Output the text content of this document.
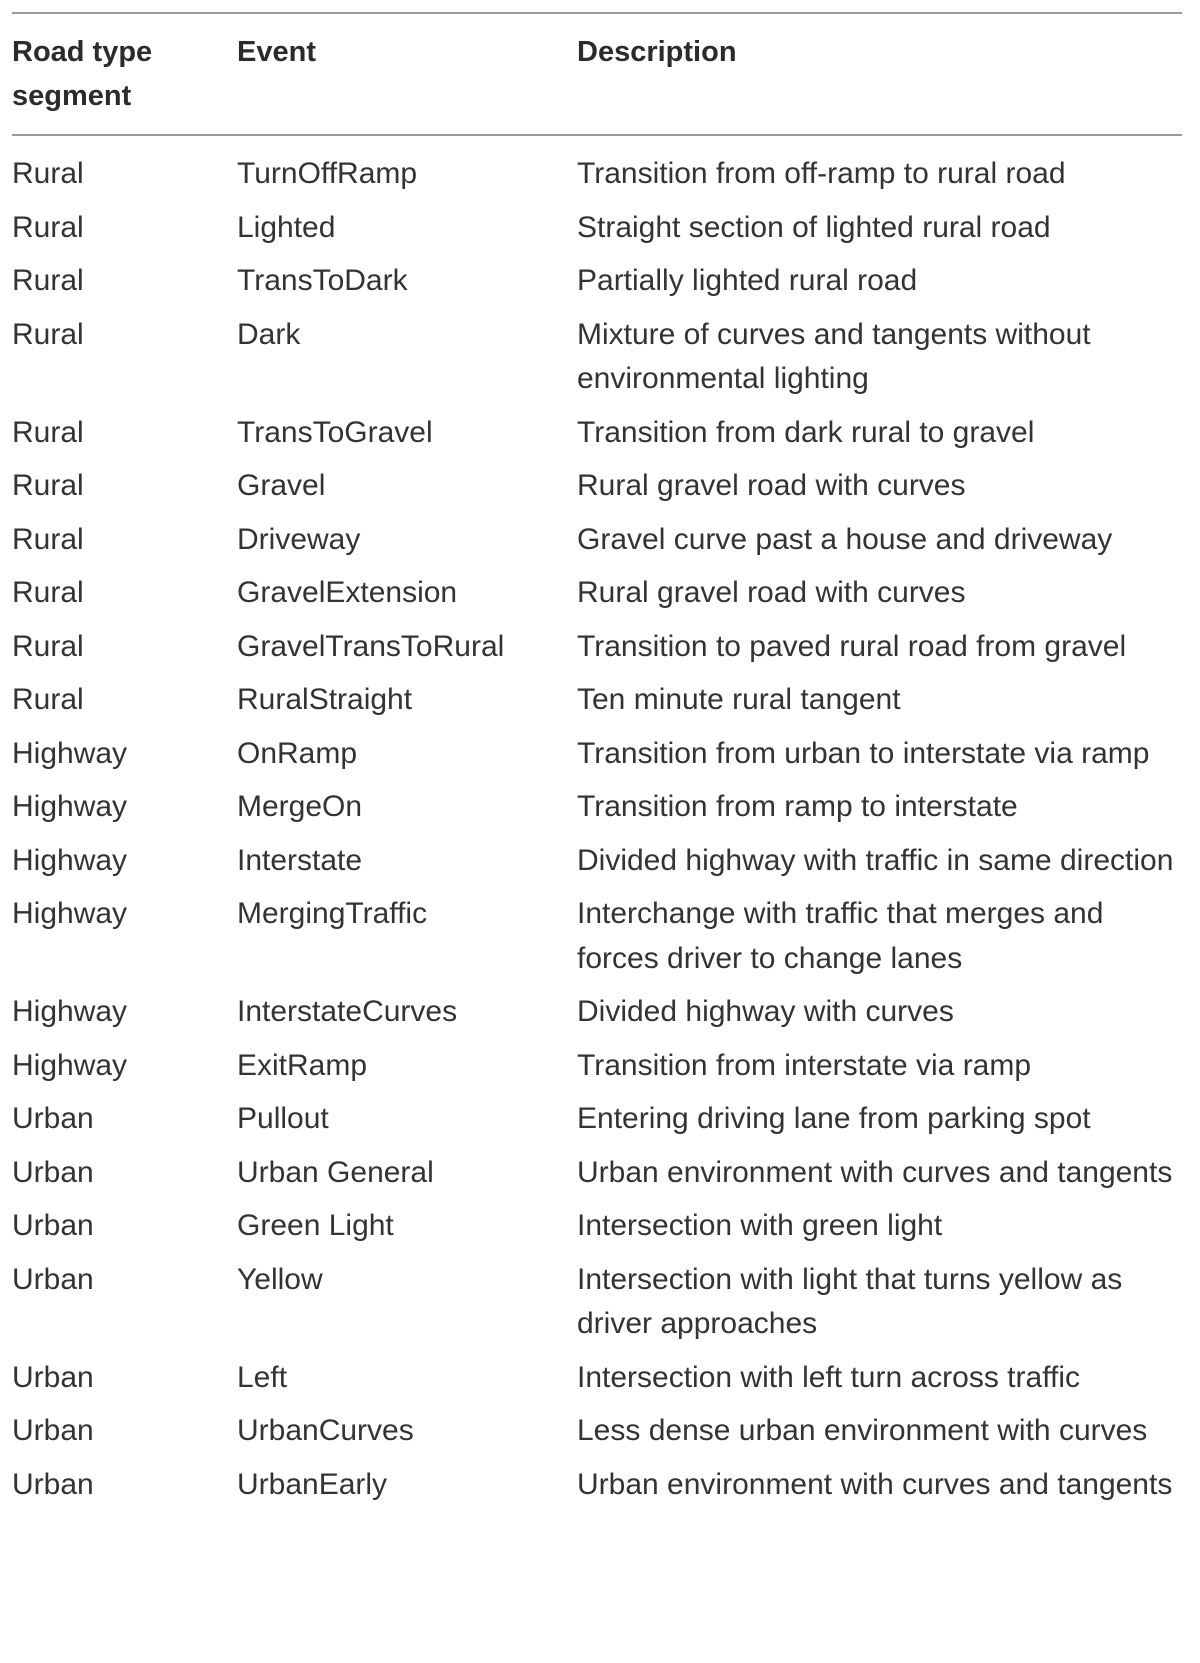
Road type segment	Event	Description
Rural	TurnOffRamp	Transition from off-ramp to rural road
Rural	Lighted	Straight section of lighted rural road
Rural	TransToDark	Partially lighted rural road
Rural	Dark	Mixture of curves and tangents without environmental lighting
Rural	TransToGravel	Transition from dark rural to gravel
Rural	Gravel	Rural gravel road with curves
Rural	Driveway	Gravel curve past a house and driveway
Rural	GravelExtension	Rural gravel road with curves
Rural	GravelTransToRural	Transition to paved rural road from gravel
Rural	RuralStraight	Ten minute rural tangent
Highway	OnRamp	Transition from urban to interstate via ramp
Highway	MergeOn	Transition from ramp to interstate
Highway	Interstate	Divided highway with traffic in same direction
Highway	MergingTraffic	Interchange with traffic that merges and forces driver to change lanes
Highway	InterstateCurves	Divided highway with curves
Highway	ExitRamp	Transition from interstate via ramp
Urban	Pullout	Entering driving lane from parking spot
Urban	Urban General	Urban environment with curves and tangents
Urban	Green Light	Intersection with green light
Urban	Yellow	Intersection with light that turns yellow as driver approaches
Urban	Left	Intersection with left turn across traffic
Urban	UrbanCurves	Less dense urban environment with curves
Urban	UrbanEarly	Urban environment with curves and tangents
